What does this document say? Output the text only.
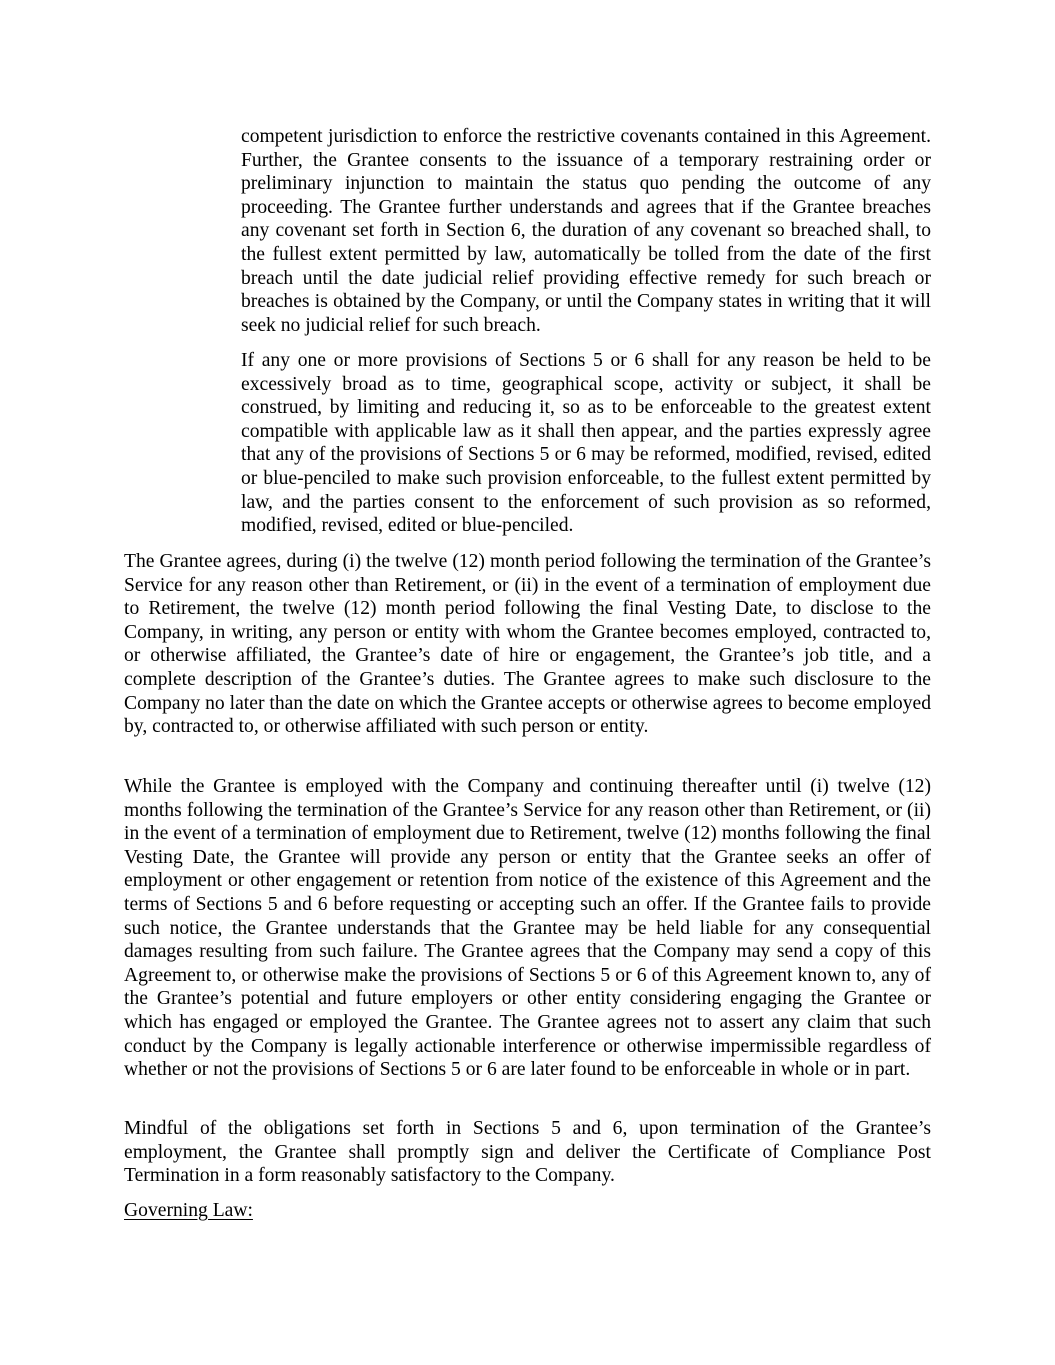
competent jurisdiction to enforce the restrictive covenants contained in this Agreement. Further, the Grantee consents to the issuance of a temporary restraining order or preliminary injunction to maintain the status quo pending the outcome of any proceeding. The Grantee further understands and agrees that if the Grantee breaches any covenant set forth in Section 6, the duration of any covenant so breached shall, to the fullest extent permitted by law, automatically be tolled from the date of the first breach until the date judicial relief providing effective remedy for such breach or breaches is obtained by the Company, or until the Company states in writing that it will seek no judicial relief for such breach.

If any one or more provisions of Sections 5 or 6 shall for any reason be held to be excessively broad as to time, geographical scope, activity or subject, it shall be construed, by limiting and reducing it, so as to be enforceable to the greatest extent compatible with applicable law as it shall then appear, and the parties expressly agree that any of the provisions of Sections 5 or 6 may be reformed, modified, revised, edited or blue-penciled to make such provision enforceable, to the fullest extent permitted by law, and the parties consent to the enforcement of such provision as so reformed, modified, revised, edited or blue-penciled.

The Grantee agrees, during (i) the twelve (12) month period following the termination of the Grantee’s Service for any reason other than Retirement, or (ii) in the event of a termination of employment due to Retirement, the twelve (12) month period following the final Vesting Date, to disclose to the Company, in writing, any person or entity with whom the Grantee becomes employed, contracted to, or otherwise affiliated, the Grantee’s date of hire or engagement, the Grantee’s job title, and a complete description of the Grantee’s duties. The Grantee agrees to make such disclosure to the Company no later than the date on which the Grantee accepts or otherwise agrees to become employed by, contracted to, or otherwise affiliated with such person or entity.

While the Grantee is employed with the Company and continuing thereafter until (i) twelve (12) months following the termination of the Grantee’s Service for any reason other than Retirement, or (ii) in the event of a termination of employment due to Retirement, twelve (12) months following the final Vesting Date, the Grantee will provide any person or entity that the Grantee seeks an offer of employment or other engagement or retention from notice of the existence of this Agreement and the terms of Sections 5 and 6 before requesting or accepting such an offer. If the Grantee fails to provide such notice, the Grantee understands that the Grantee may be held liable for any consequential damages resulting from such failure. The Grantee agrees that the Company may send a copy of this Agreement to, or otherwise make the provisions of Sections 5 or 6 of this Agreement known to, any of the Grantee’s potential and future employers or other entity considering engaging the Grantee or which has engaged or employed the Grantee. The Grantee agrees not to assert any claim that such conduct by the Company is legally actionable interference or otherwise impermissible regardless of whether or not the provisions of Sections 5 or 6 are later found to be enforceable in whole or in part.

Mindful of the obligations set forth in Sections 5 and 6, upon termination of the Grantee’s employment, the Grantee shall promptly sign and deliver the Certificate of Compliance Post Termination in a form reasonably satisfactory to the Company.

Governing Law:
